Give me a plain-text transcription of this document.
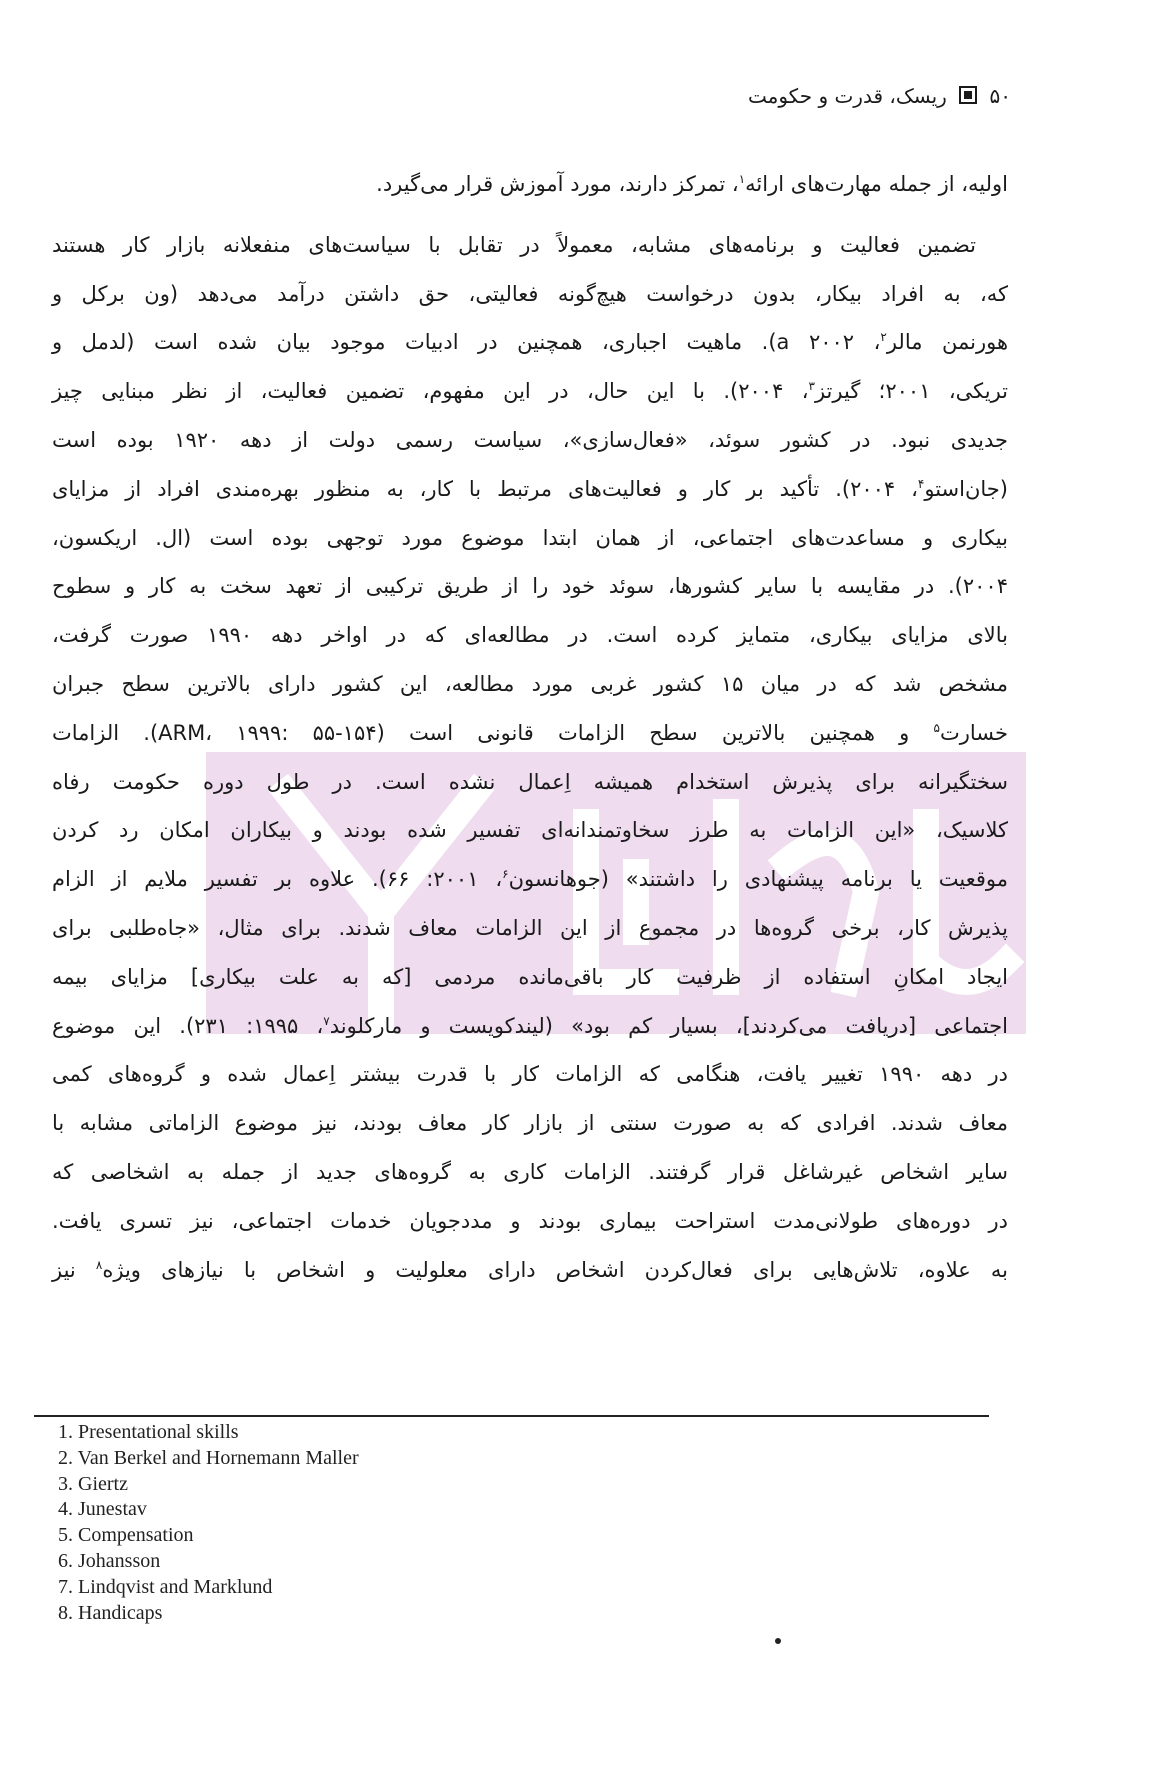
۵۰  ریسک، قدرت و حکومت
اولیه، از جمله مهارت‌های ارائه$^۱$، تمرکز دارند، مورد آموزش قرار می‌گیرد.
تضمین فعالیت و برنامه‌های مشابه، معمولاً در تقابل با سیاست‌های منفعلانه بازار کار هستند
که، به افراد بیکار، بدون درخواست هیچ‌گونه فعالیتی، حق داشتن درآمد می‌دهد (ون برکل و
هورنمن مالر$^۲$، ۲۰۰۲ a). ماهیت اجباری، همچنین در ادبیات موجود بیان شده است (لدمل و
تریکی، ۲۰۰۱؛ گیرتز$^۳$، ۲۰۰۴). با این حال، در این مفهوم، تضمین فعالیت، از نظر مبنایی چیز
جدیدی نبود. در کشور سوئد، «فعال‌سازی»، سیاست رسمی دولت از دهه ۱۹۲۰ بوده است
(جان‌استو$^۴$، ۲۰۰۴). تأکید بر کار و فعالیت‌های مرتبط با کار، به منظور بهره‌مندی افراد از مزایای
بیکاری و مساعدت‌های اجتماعی، از همان ابتدا موضوع مورد توجهی بوده است (ال. اریکسون،
۲۰۰۴). در مقایسه با سایر کشورها، سوئد خود را از طریق ترکیبی از تعهد سخت به کار و سطوح
بالای مزایای بیکاری، متمایز کرده است. در مطالعه‌ای که در اواخر دهه ۱۹۹۰ صورت گرفت،
مشخص شد که در میان ۱۵ کشور غربی مورد مطالعه، این کشور دارای بالاترین سطح جبران
خسارت$^۵$ و همچنین بالاترین سطح الزامات قانونی است (ARM، ۱۹۹۹: ۵۵-۱۵۴). الزامات
سختگیرانه برای پذیرش استخدام همیشه اِعمال نشده است. در طول دوره حکومت رفاه
کلاسیک، «این الزامات به طرز سخاوتمندانه‌ای تفسیر شده بودند و بیکاران امکان رد کردن
موقعیت یا برنامه پیشنهادی را داشتند» (جوهانسون$^۶$، ۲۰۰۱: ۶۶). علاوه بر تفسیر ملایم از الزام
پذیرش کار، برخی گروه‌ها در مجموع از این الزامات معاف شدند. برای مثال، «جاه‌طلبی برای
ایجاد امکانِ استفاده از ظرفیت کار باقی‌مانده مردمی [که به علت بیکاری] مزایای بیمه
اجتماعی [دریافت می‌کردند]، بسیار کم بود» (لیندکویست و مارکلوند$^۷$، ۱۹۹۵: ۲۳۱). این موضوع
در دهه ۱۹۹۰ تغییر یافت، هنگامی که الزامات کار با قدرت بیشتر اِعمال شده و گروه‌های کمی
معاف شدند. افرادی که به صورت سنتی از بازار کار معاف بودند، نیز موضوع الزاماتی مشابه با
سایر اشخاص غیرشاغل قرار گرفتند. الزامات کاری به گروه‌های جدید از جمله به اشخاصی که
در دوره‌های طولانی‌مدت استراحت بیماری بودند و مددجویان خدمات اجتماعی، نیز تسری یافت.
به علاوه، تلاش‌هایی برای فعال‌کردن اشخاص دارای معلولیت و اشخاص با نیازهای ویژه$^۸$ نیز
1. Presentational skills
2. Van Berkel and Hornemann Maller
3. Giertz
4. Junestav
5. Compensation
6. Johansson
7. Lindqvist and Marklund
8. Handicaps
